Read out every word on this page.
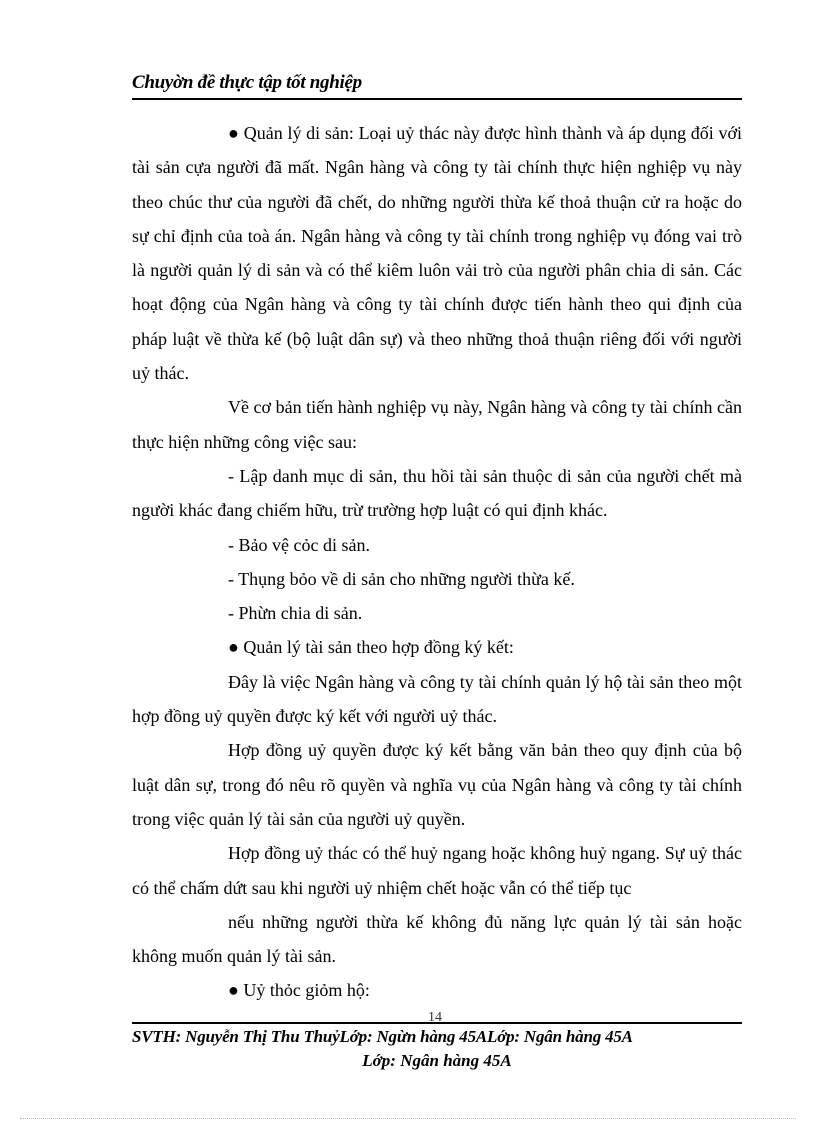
Chuyờn đề thực tập tốt nghiệp

● Quản lý di sản: Loại uỷ thác này được hình thành và áp dụng đối với tài sản cựa người đã mất. Ngân hàng và công ty tài chính thực hiện nghiệp vụ này theo chúc thư của người đã chết, do những người thừa kế thoả thuận cử ra hoặc do sự chỉ định của toà án. Ngân hàng và công ty tài chính trong nghiệp vụ đóng vai trò là người quản lý di sản và có thể kiêm luôn vải trò của người phân chia di sản. Các hoạt động của Ngân hàng và công ty tài chính được tiến hành theo qui định của pháp luật về thừa kế (bộ luật dân sự) và theo những thoả thuận riêng đối với người uỷ thác.

Về cơ bản tiến hành nghiệp vụ này, Ngân hàng và công ty tài chính cần thực hiện những công việc sau:

- Lập danh mục di sản, thu hồi tài sản thuộc di sản của người chết mà người khác đang chiếm hữu, trừ trường hợp luật có qui định khác.

- Bảo vệ cỏc di sản.

- Thụng bỏo về di sản cho những người thừa kế.

- Phừn chia di sản.

● Quản lý tài sản theo hợp đồng ký kết:

Đây là việc Ngân hàng và công ty tài chính quản lý hộ tài sản theo một hợp đồng uỷ quyền được ký kết với người uỷ thác.

Hợp đồng uỷ quyền được ký kết bằng văn bản theo quy định của bộ luật dân sự, trong đó nêu rõ quyền và nghĩa vụ của Ngân hàng và công ty tài chính trong việc quản lý tài sản của người uỷ quyền.

Hợp đồng uỷ thác có thể huỷ ngang hoặc không huỷ ngang. Sự uỷ thác có thể chấm dứt sau khi người uỷ nhiệm chết hoặc vẫn có thể tiếp tục

nếu những người thừa kế không đủ năng lực quản lý tài sản hoặc không muốn quản lý tài sản.

● Uỷ thỏc giỏm hộ:

14
SVTH: Nguyễn Thị Thu ThuỷLớp: Ngừn hàng 45ALớp: Ngân hàng 45A
Lớp: Ngân hàng 45A
